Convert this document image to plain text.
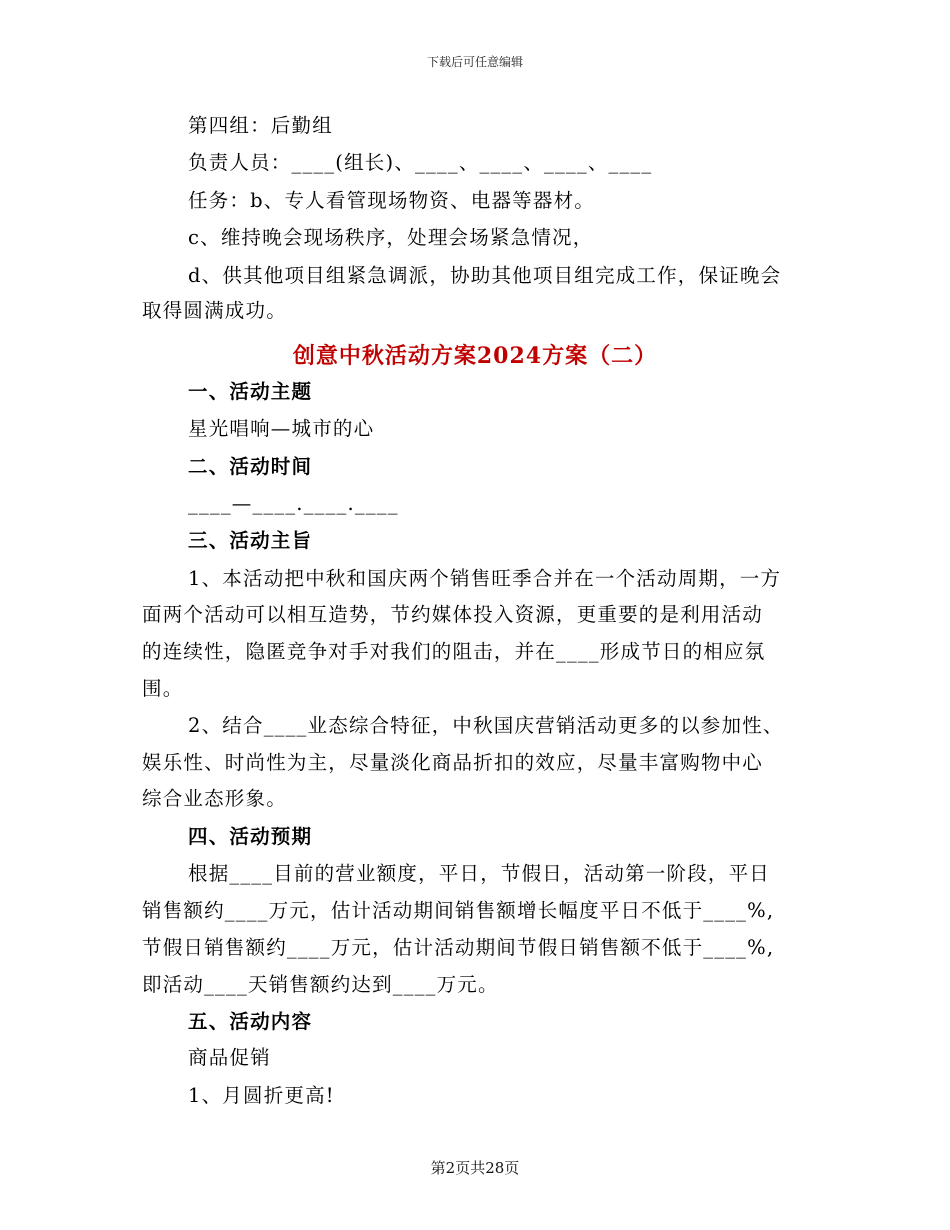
下载后可任意编辑
第四组：后勤组
负责人员：____(组长)、____、____、____、____
任务：b、专人看管现场物资、电器等器材。
c、维持晚会现场秩序，处理会场紧急情况，
d、供其他项目组紧急调派，协助其他项目组完成工作，保证晚会
取得圆满成功。
创意中秋活动方案2024方案（二）
一、活动主题
星光唱响—城市的心
二、活动时间
____—____.____.____
三、活动主旨
1、本活动把中秋和国庆两个销售旺季合并在一个活动周期，一方
面两个活动可以相互造势，节约媒体投入资源，更重要的是利用活动
的连续性，隐匿竞争对手对我们的阻击，并在____形成节日的相应氛
围。
2、结合____业态综合特征，中秋国庆营销活动更多的以参加性、
娱乐性、时尚性为主，尽量淡化商品折扣的效应，尽量丰富购物中心
综合业态形象。
四、活动预期
根据____目前的营业额度，平日，节假日，活动第一阶段，平日
销售额约____万元，估计活动期间销售额增长幅度平日不低于____%,
节假日销售额约____万元，估计活动期间节假日销售额不低于____%,
即活动____天销售额约达到____万元。
五、活动内容
商品促销
1、月圆折更高!
第2页共28页
